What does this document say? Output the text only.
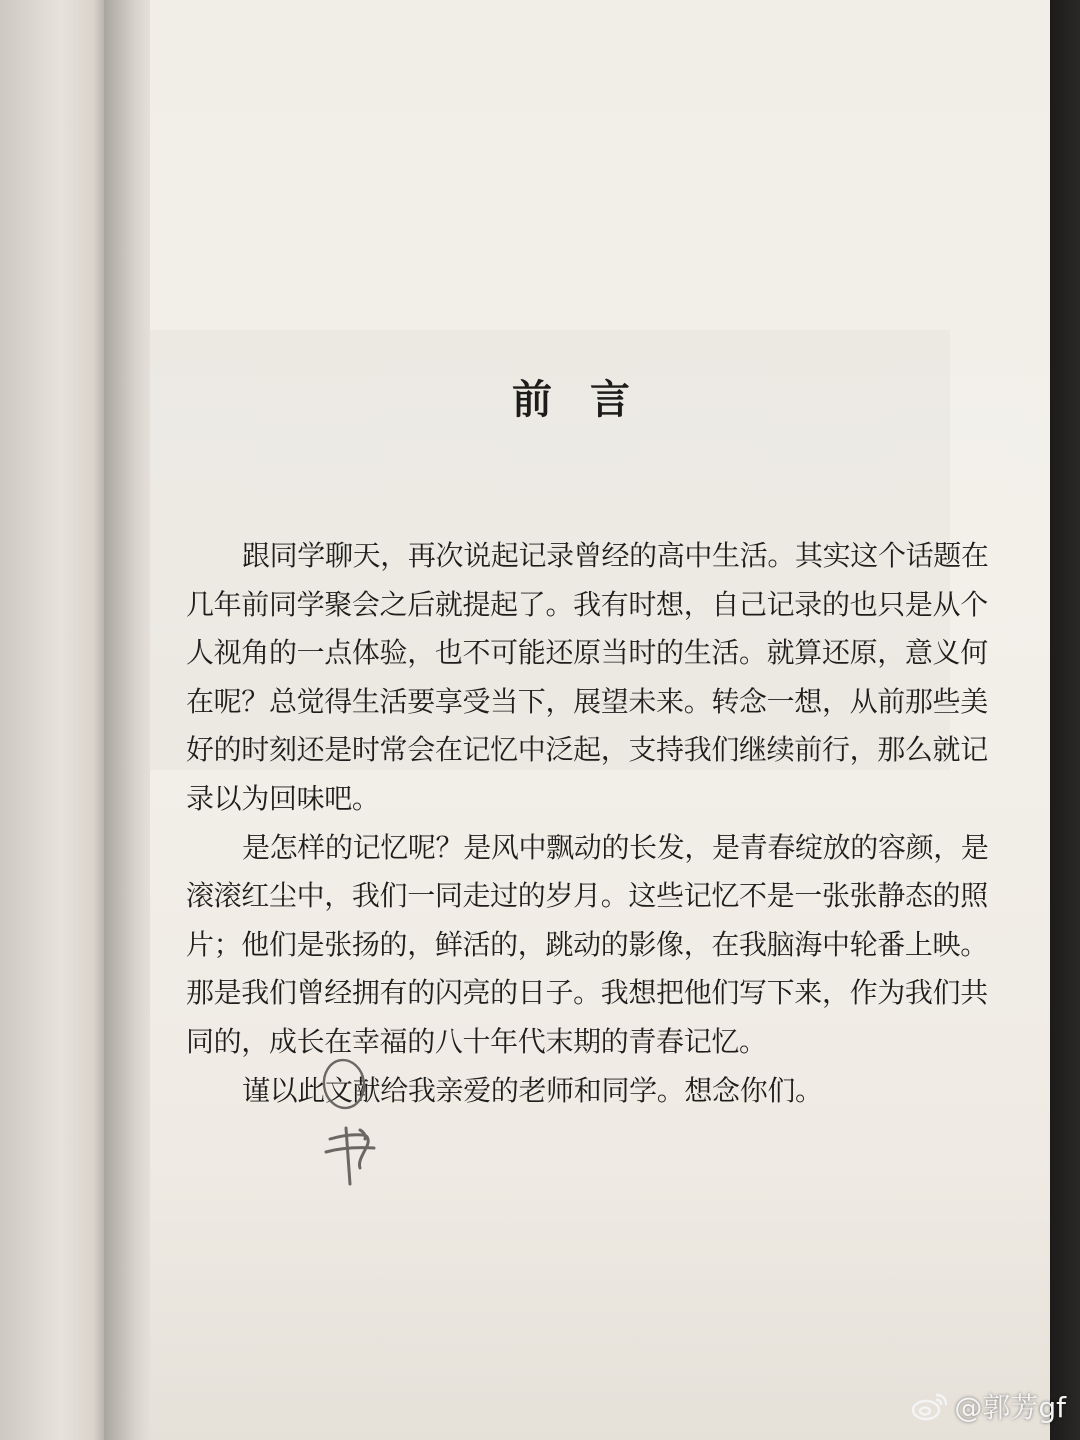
前言

跟同学聊天，再次说起记录曾经的高中生活。其实这个话题在
几年前同学聚会之后就提起了。我有时想，自己记录的也只是从个
人视角的一点体验，也不可能还原当时的生活。就算还原，意义何
在呢？总觉得生活要享受当下，展望未来。转念一想，从前那些美
好的时刻还是时常会在记忆中泛起，支持我们继续前行，那么就记
录以为回味吧。

是怎样的记忆呢？是风中飘动的长发，是青春绽放的容颜，是
滚滚红尘中，我们一同走过的岁月。这些记忆不是一张张静态的照
片；他们是张扬的，鲜活的，跳动的影像，在我脑海中轮番上映。
那是我们曾经拥有的闪亮的日子。我想把他们写下来，作为我们共
同的，成长在幸福的八十年代末期的青春记忆。

谨以此文献给我亲爱的老师和同学。想念你们。

@郭芳gf
